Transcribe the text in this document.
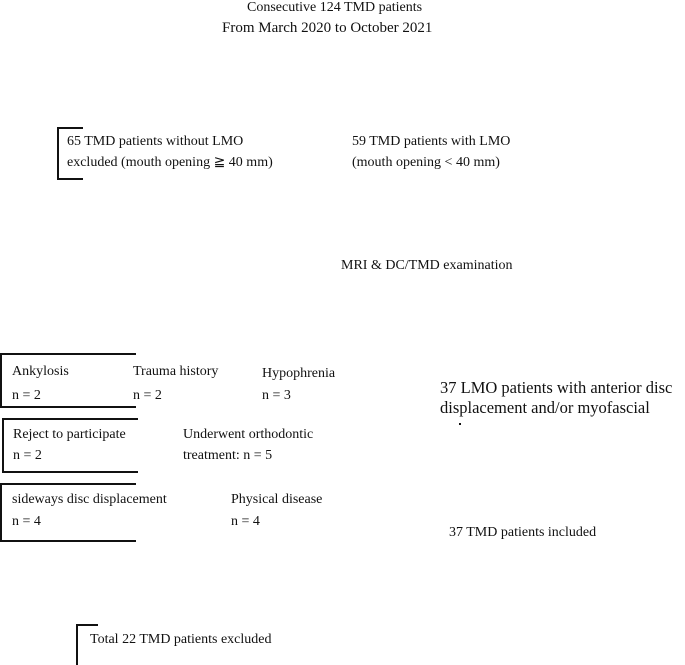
Consecutive 124 TMD patients
From March 2020 to October 2021
65 TMD patients without LMO
excluded (mouth opening ≧ 40 mm)
59 TMD patients with LMO
(mouth opening < 40 mm)
MRI & DC/TMD examination
Ankylosis
n = 2
Trauma history
n = 2
Hypophrenia
n = 3
Reject to participate
n = 2
Underwent orthodontic
treatment: n = 5
sideways disc displacement
n = 4
Physical disease
n = 4
37 LMO patients with anterior disc
displacement and/or myofascial
37 TMD patients included
Total 22 TMD patients excluded
